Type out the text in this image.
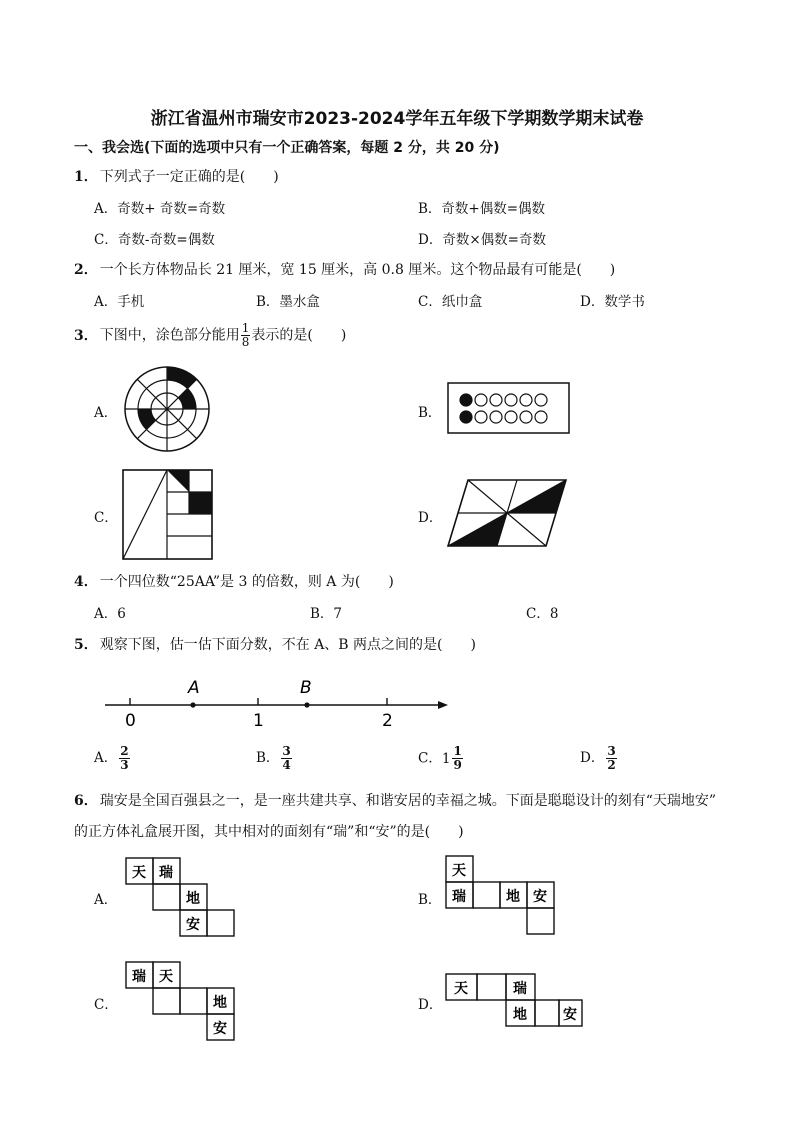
浙江省温州市瑞安市2023-2024学年五年级下学期数学期末试卷
一、我会选(下面的选项中只有一个正确答案，每题 2 分，共 20 分)
1． 下列式子一定正确的是(　　)
A．奇数+ 奇数=奇数	B．奇数+偶数=偶数
C．奇数-奇数=偶数	D．奇数×偶数=奇数
2． 一个长方体物品长 21 厘米，宽 15 厘米，高 0.8 厘米。这个物品最有可能是(　　)
A．手机	B．墨水盒	C．纸巾盒	D．数学书
3． 下图中，涂色部分能用 $\frac{1}{8}$ 表示的是(　　)
A．	B．
C．	D．
4． 一个四位数“25AA”是 3 的倍数，则 A 为(　　)
A．6	B．7	C．8
5． 观察下图，估一估下面分数，不在 A、B 两点之间的是(　　)
A	B
0	1	2
A． $\frac{2}{3}$	B． $\frac{3}{4}$	C． $1 \frac{1}{9}$	D． $\frac{3}{2}$
6． 瑞安是全国百强县之一，是一座共建共享、和谐安居的幸福之城。下面是聪聪设计的刻有“天瑞地安”
的正方体礼盒展开图，其中相对的面刻有“瑞”和“安”的是(　　)
A．
天 瑞
地
安
B．
天
瑞	地 安
C．
瑞 天
地
安
D．
天	瑞
地	安
